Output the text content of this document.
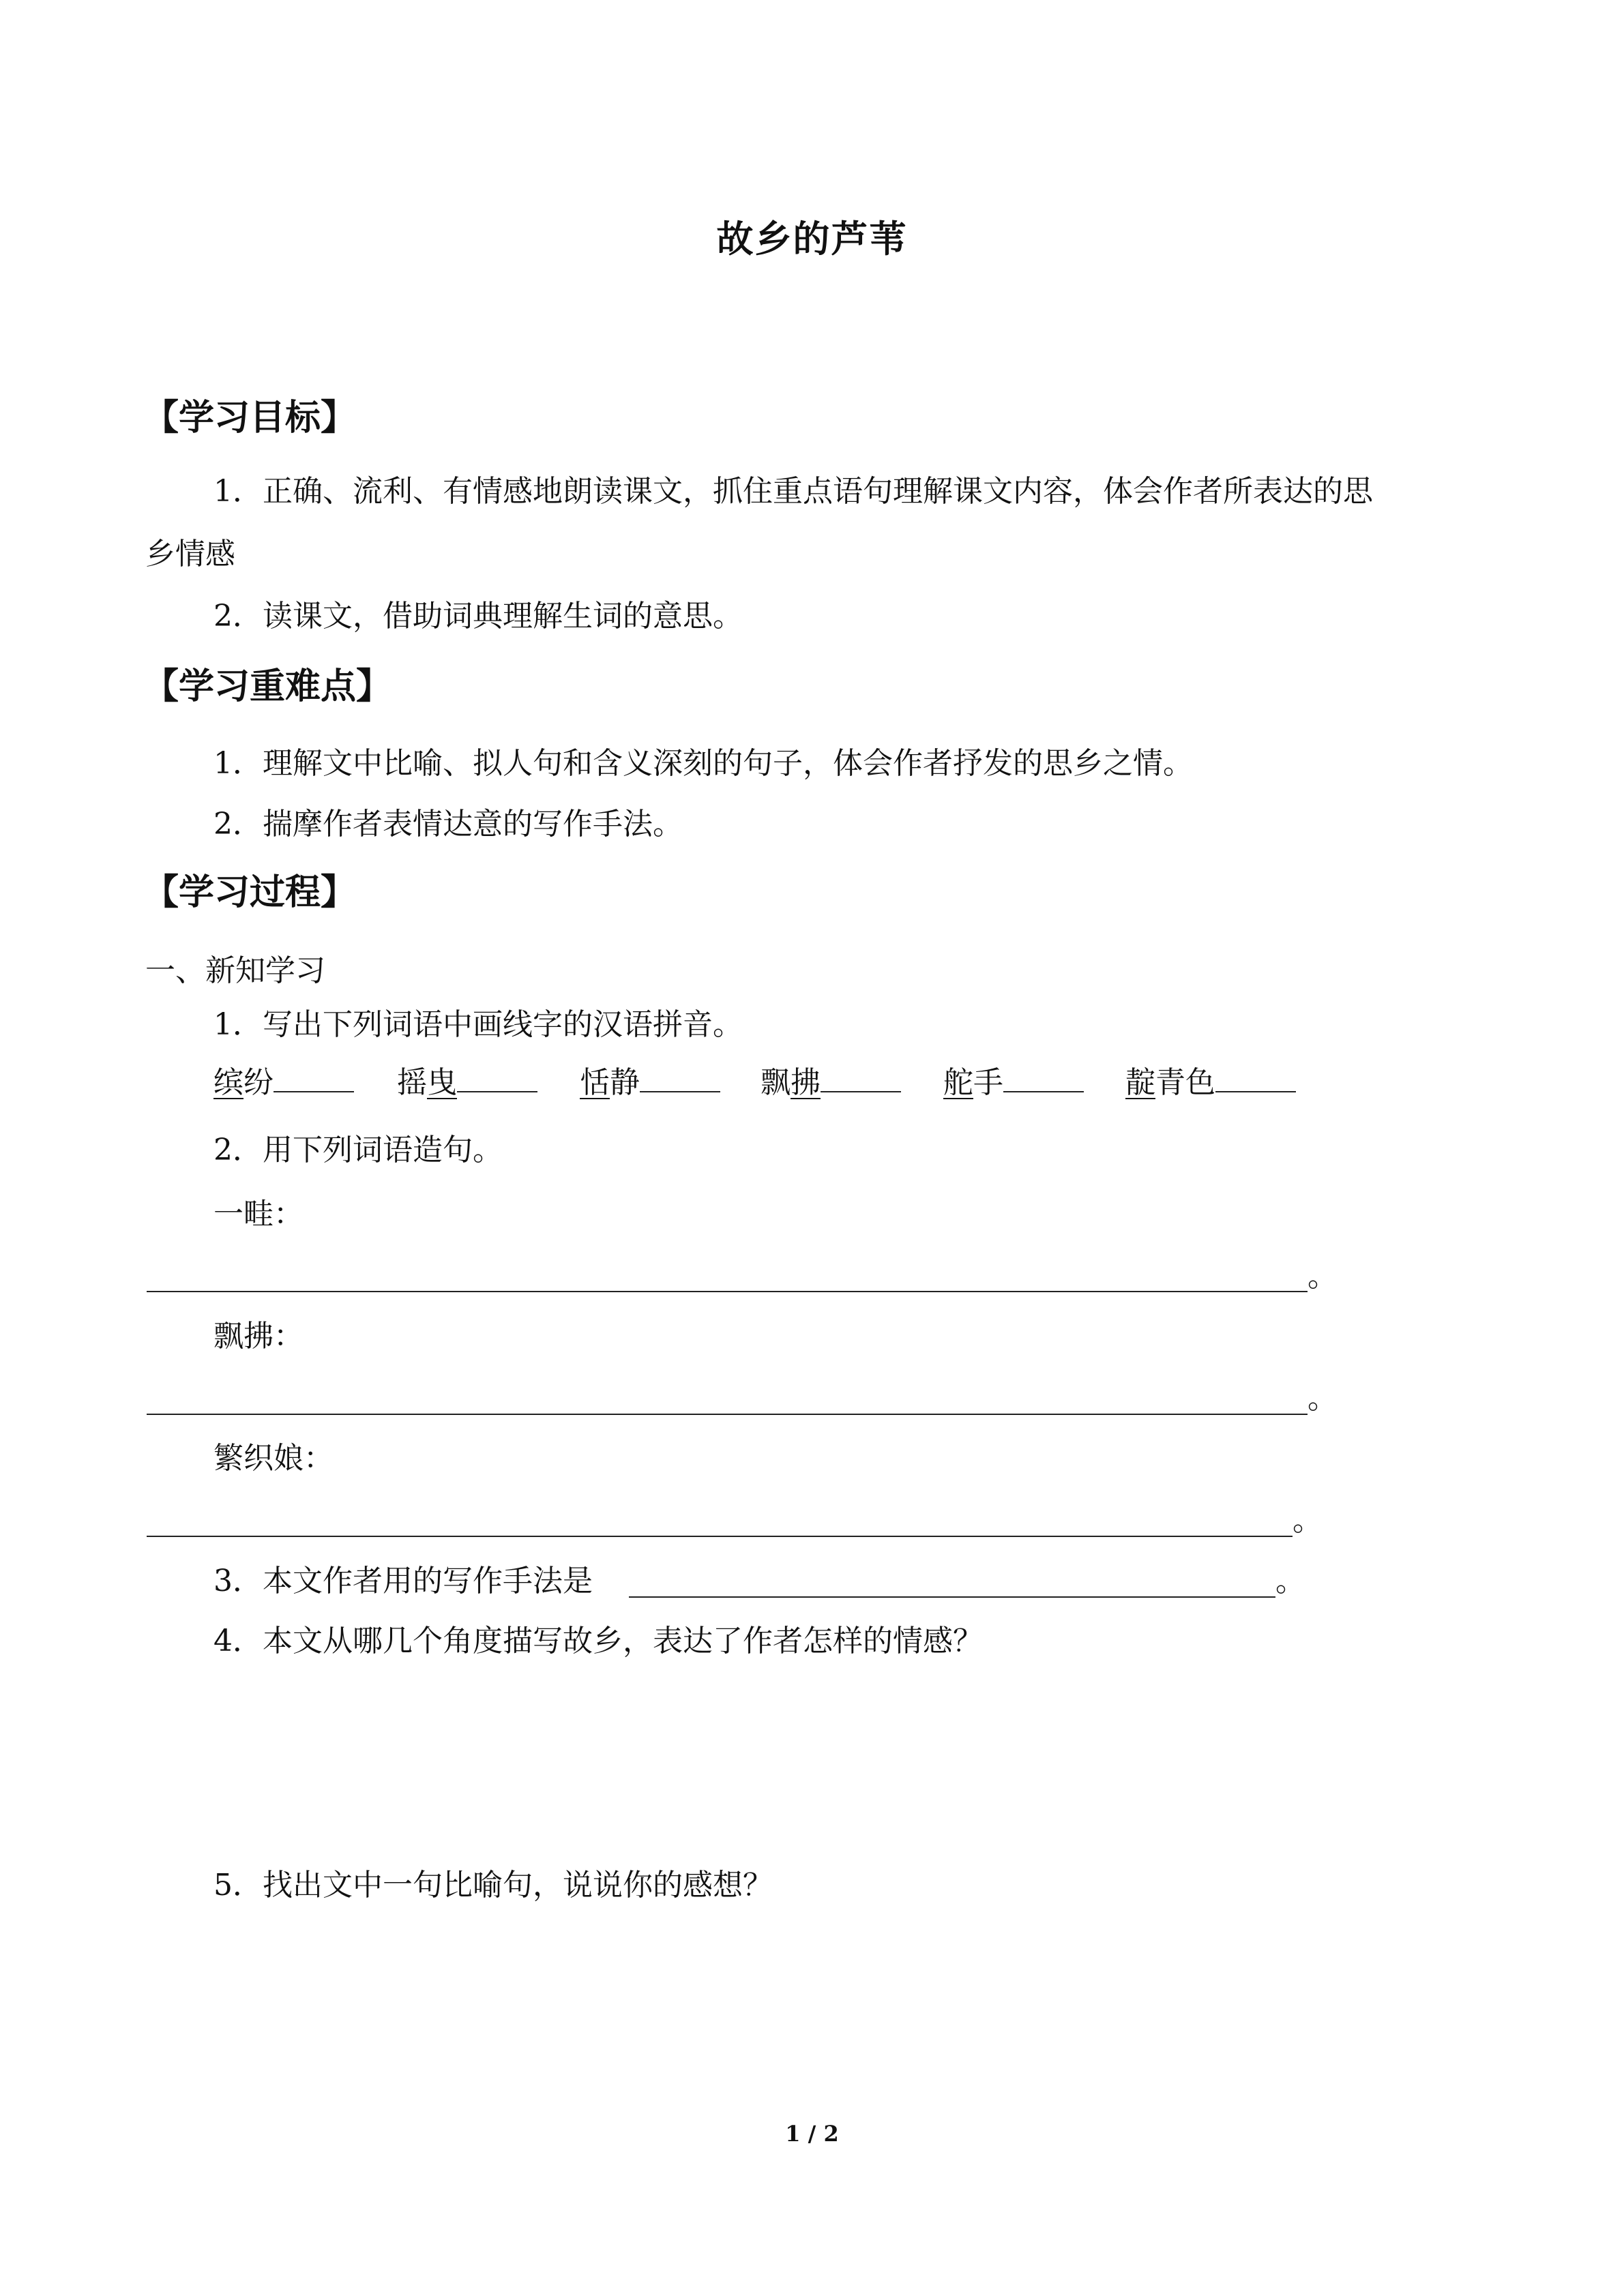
故乡的芦苇
【学习目标】
1．正确、流利、有情感地朗读课文，抓住重点语句理解课文内容，体会作者所表达的思
乡情感
2．读课文，借助词典理解生词的意思。
【学习重难点】
1．理解文中比喻、拟人句和含义深刻的句子，体会作者抒发的思乡之情。
2．揣摩作者表情达意的写作手法。
【学习过程】
一、新知学习
1．写出下列词语中画线字的汉语拼音。
缤纷	摇曳	恬静	飘拂	舵手	靛青色
2．用下列词语造句。
一畦：
。
飘拂：
。
繁织娘：
。
3．本文作者用的写作手法是	。
4．本文从哪几个角度描写故乡，表达了作者怎样的情感？
5．找出文中一句比喻句，说说你的感想？
1 / 2
